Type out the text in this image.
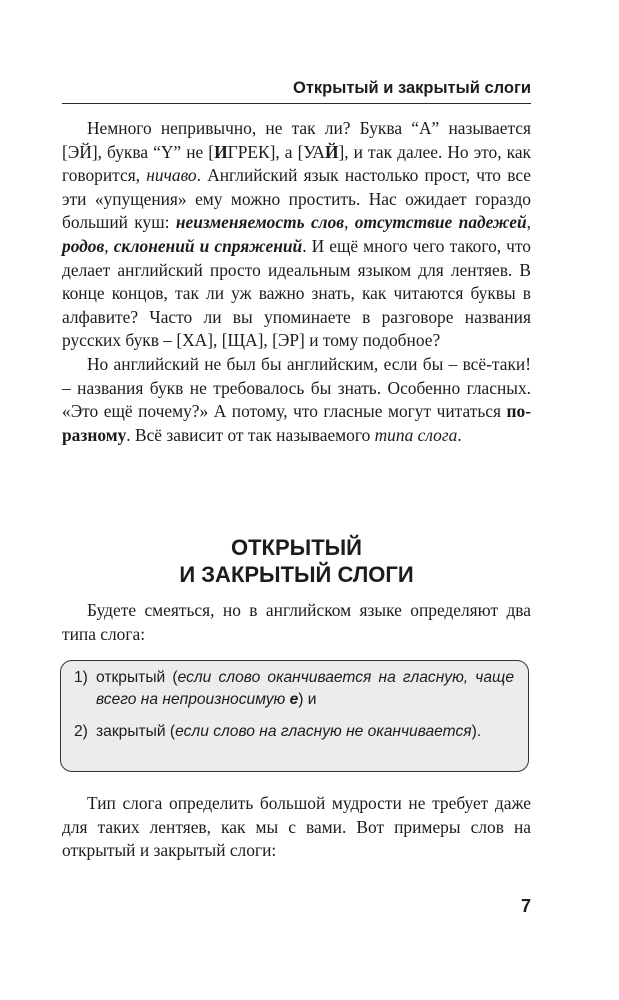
Открытый и закрытый слоги

Немного непривычно, не так ли? Буква “А” называется [ЭЙ], буква “Y” не [ИГРЕК], а [УАЙ], и так далее. Но это, как говорится, ничаво. Английский язык настолько прост, что все эти «упущения» ему можно простить. Нас ожидает гораздо больший куш: неизменяемость слов, отсутствие падежей, родов, склонений и спряжений. И ещё много чего такого, что делает английский просто идеальным языком для лентяев. В конце концов, так ли уж важно знать, как читаются буквы в алфавите? Часто ли вы упоминаете в разговоре названия русских букв – [ХА], [ЩА], [ЭР] и тому подобное?

Но английский не был бы английским, если бы – всё-таки! – названия букв не требовалось бы знать. Особенно гласных. «Это ещё почему?» А потому, что гласные могут читаться по-разному. Всё зависит от так называемого типа слога.

ОТКРЫТЫЙ
И ЗАКРЫТЫЙ СЛОГИ

Будете смеяться, но в английском языке определяют два типа слога:

1) открытый (если слово оканчивается на гласную, чаще всего на непроизносимую e) и
2) закрытый (если слово на гласную не оканчивается).

Тип слога определить большой мудрости не требует даже для таких лентяев, как мы с вами. Вот примеры слов на открытый и закрытый слоги:

7
